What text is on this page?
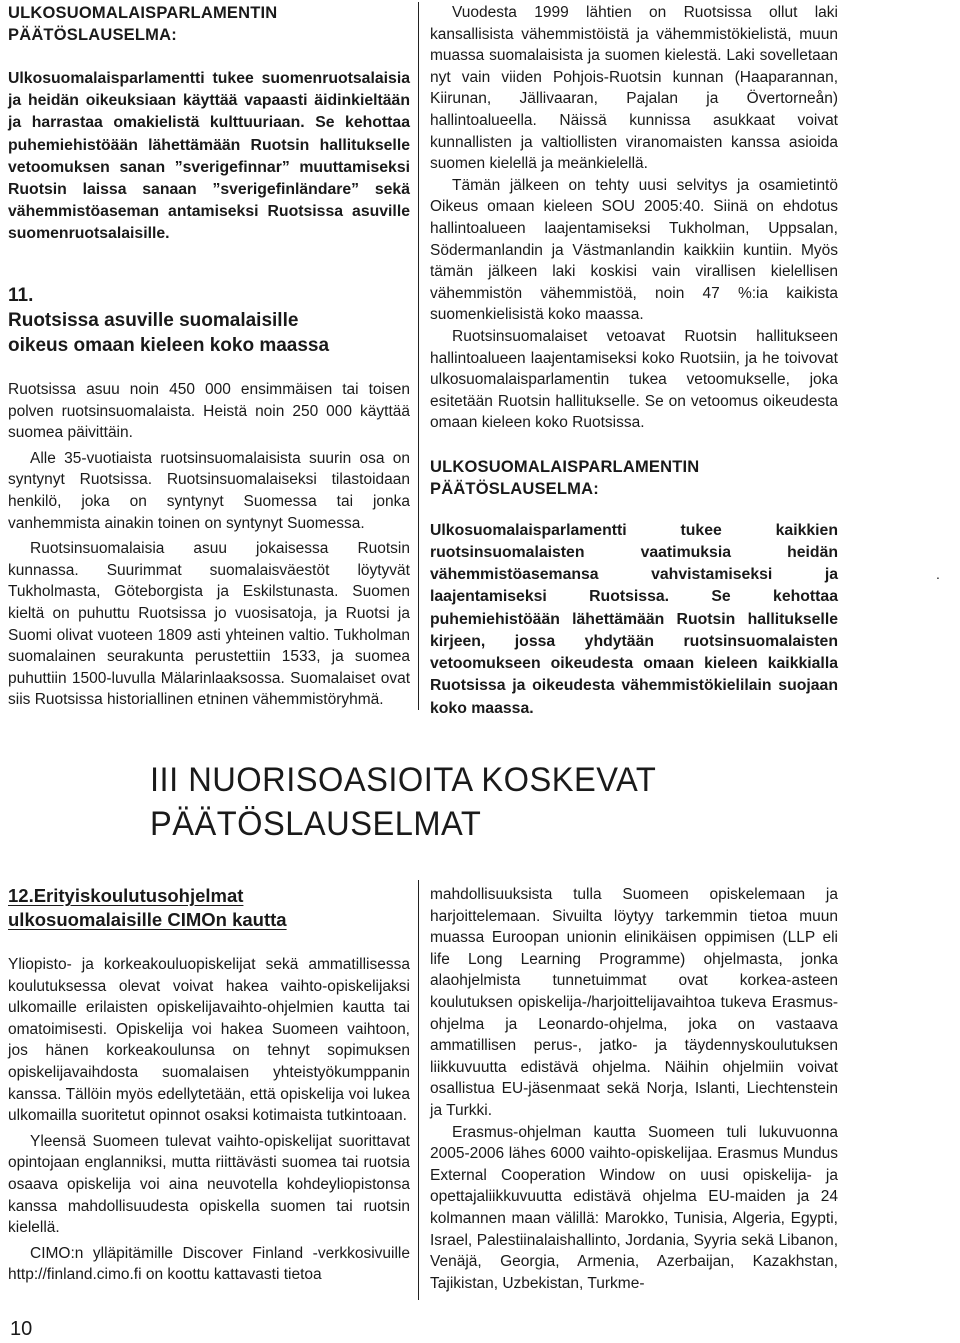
ULKOSUOMALAISPARLAMENTIN
PÄÄTÖSLAUSELMA:

Ulkosuomalaisparlamentti tukee suomenruotsalaisia ja heidän oikeuksiaan käyttää vapaasti äidinkieltään ja harrastaa omakielistä kulttuuriaan. Se kehottaa puhemiehistöään lähettämään Ruotsin hallitukselle vetoomuksen sanan ”sverigefinnar” muuttamiseksi Ruotsin laissa sanaan ”sverigefinländare” sekä vähemmistöaseman antamiseksi Ruotsissa asuville suomenruotsalaisille.

11.
Ruotsissa asuville suomalaisille
oikeus omaan kieleen koko maassa

Ruotsissa asuu noin 450 000 ensimmäisen tai toisen polven ruotsinsuomalaista. Heistä noin 250 000 käyttää suomea päivittäin.

Alle 35-vuotiaista ruotsinsuomalaisista suurin osa on syntynyt Ruotsissa. Ruotsinsuomalaiseksi tilastoidaan henkilö, joka on syntynyt Suomessa tai jonka vanhemmista ainakin toinen on syntynyt Suomessa.

Ruotsinsuomalaisia asuu jokaisessa Ruotsin kunnassa. Suurimmat suomalaisväestöt löytyvät Tukholmasta, Göteborgista ja Eskilstunasta. Suomen kieltä on puhuttu Ruotsissa jo vuosisatoja, ja Ruotsi ja Suomi olivat vuoteen 1809 asti yhteinen valtio. Tukholman suomalainen seurakunta perustettiin 1533, ja suomea puhuttiin 1500-luvulla Mälarinlaaksossa. Suomalaiset ovat siis Ruotsissa historiallinen etninen vähemmistöryhmä.

Vuodesta 1999 lähtien on Ruotsissa ollut laki kansallisista vähemmistöistä ja vähemmistökielistä, muun muassa suomalaisista ja suomen kielestä. Laki sovelletaan nyt vain viiden Pohjois-Ruotsin kunnan (Haaparannan, Kiirunan, Jällivaaran, Pajalan ja Övertorneån) hallintoalueella. Näissä kunnissa asukkaat voivat kunnallisten ja valtiollisten viranomaisten kanssa asioida suomen kielellä ja meänkielellä.

Tämän jälkeen on tehty uusi selvitys ja osamietintö Oikeus omaan kieleen SOU 2005:40. Siinä on ehdotus hallintoalueen laajentamiseksi Tukholman, Uppsalan, Södermanlandin ja Västmanlandin kaikkiin kuntiin. Myös tämän jälkeen laki koskisi vain virallisen kielellisen vähemmistön vähemmistöä, noin 47 %:ia kaikista suomenkielisistä koko maassa.

Ruotsinsuomalaiset vetoavat Ruotsin hallitukseen hallintoalueen laajentamiseksi koko Ruotsiin, ja he toivovat ulkosuomalaisparlamentin tukea vetoomukselle, joka esitetään Ruotsin hallitukselle. Se on vetoomus oikeudesta omaan kieleen koko Ruotsissa.

ULKOSUOMALAISPARLAMENTIN
PÄÄTÖSLAUSELMA:

Ulkosuomalaisparlamentti tukee kaikkien ruotsinsuomalaisten vaatimuksia heidän vähemmistöasemansa vahvistamiseksi ja laajentamiseksi Ruotsissa. Se kehottaa puhemiehistöään lähettämään Ruotsin hallitukselle kirjeen, jossa yhdytään ruotsinsuomalaisten vetoomukseen oikeudesta omaan kieleen kaikkialla Ruotsissa ja oikeudesta vähemmistökielilain suojaan koko maassa.

.
III NUORISOASIOITA KOSKEVAT
PÄÄTÖSLAUSELMAT
12.Erityiskoulutusohjelmat
ulkosuomalaisille CIMOn kautta

Yliopisto- ja korkeakouluopiskelijat sekä ammatillisessa koulutuksessa olevat voivat hakea vaihto-opiskelijaksi ulkomaille erilaisten opiskelijavaihto-ohjelmien kautta tai omatoimisesti. Opiskelija voi hakea Suomeen vaihtoon, jos hänen korkeakoulunsa on tehnyt sopimuksen opiskelijavaihdosta suomalaisen yhteistyökumppanin kanssa. Tällöin myös edellytetään, että opiskelija voi lukea ulkomailla suoritetut opinnot osaksi kotimaista tutkintoaan.

Yleensä Suomeen tulevat vaihto-opiskelijat suorittavat opintojaan englanniksi, mutta riittävästi suomea tai ruotsia osaava opiskelija voi aina neuvotella kohdeyliopistonsa kanssa mahdollisuudesta opiskella suomen tai ruotsin kielellä.

CIMO:n ylläpitämille Discover Finland -verkkosivuille http://finland.cimo.fi on koottu kattavasti tietoa

mahdollisuuksista tulla Suomeen opiskelemaan ja harjoittelemaan. Sivuilta löytyy tarkemmin tietoa muun muassa Euroopan unionin elinikäisen oppimisen (LLP eli life Long Learning Programme) ohjelmasta, jonka alaohjelmista tunnetuimmat ovat korkea-asteen koulutuksen opiskelija-/harjoittelijavaihtoa tukeva Erasmus-ohjelma ja Leonardo-ohjelma, joka on vastaava ammatillisen perus-, jatko- ja täydennyskoulutuksen liikkuvuutta edistävä ohjelma. Näihin ohjelmiin voivat osallistua EU-jäsenmaat sekä Norja, Islanti, Liechtenstein ja Turkki.

Erasmus-ohjelman kautta Suomeen tuli lukuvuonna 2005-2006 lähes 6000 vaihto-opiskelijaa. Erasmus Mundus External Cooperation Window on uusi opiskelija- ja opettajaliikkuvuutta edistävä ohjelma EU-maiden ja 24 kolmannen maan välillä: Marokko, Tunisia, Algeria, Egypti, Israel, Palestiinalaishallinto, Jordania, Syyria sekä Libanon, Venäjä, Georgia, Armenia, Azerbaijan, Kazakhstan, Tajikistan, Uzbekistan, Turkme-

10
